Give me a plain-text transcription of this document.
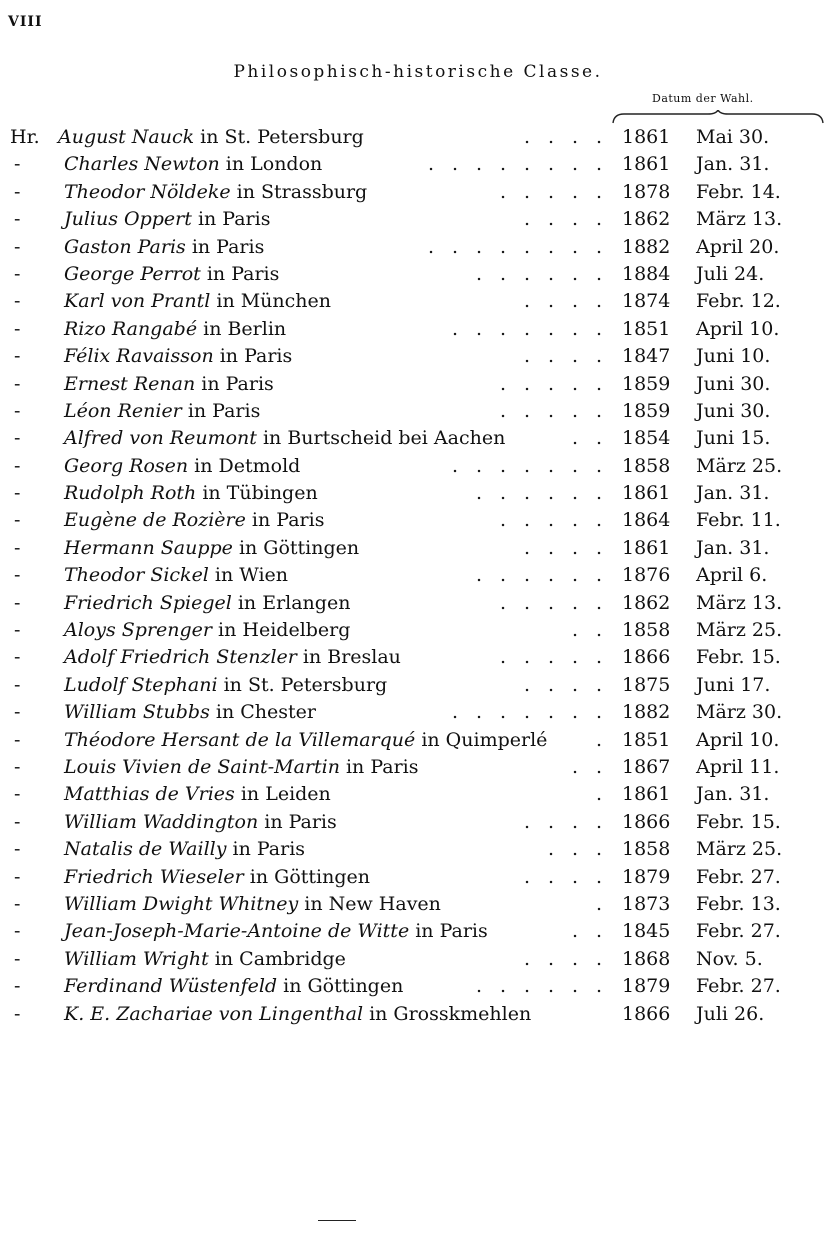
VIII
Philosophisch-historische Classe.
Datum der Wahl.
Hr. August Nauck in St. Petersburg	. . . . 1861 Mai 30.
- Charles Newton in London	. . . . . . . . 1861 Jan. 31.
- Theodor Nöldeke in Strassburg	. . . . . 1878 Febr. 14.
- Julius Oppert in Paris	. . . . 1862 März 13.
- Gaston Paris in Paris	. . . . . . . . 1882 April 20.
- George Perrot in Paris	. . . . . . 1884 Juli 24.
- Karl von Prantl in München	. . . . 1874 Febr. 12.
- Rizo Rangabé in Berlin	. . . . . . . 1851 April 10.
- Félix Ravaisson in Paris	. . . . 1847 Juni 10.
- Ernest Renan in Paris	. . . . . 1859 Juni 30.
- Léon Renier in Paris	. . . . . 1859 Juni 30.
- Alfred von Reumont in Burtscheid bei Aachen	. . 1854 Juni 15.
- Georg Rosen in Detmold	. . . . . . . 1858 März 25.
- Rudolph Roth in Tübingen	. . . . . . 1861 Jan. 31.
- Eugène de Rozière in Paris	. . . . . 1864 Febr. 11.
- Hermann Sauppe in Göttingen	. . . . 1861 Jan. 31.
- Theodor Sickel in Wien	. . . . . . 1876 April 6.
- Friedrich Spiegel in Erlangen	. . . . . 1862 März 13.
- Aloys Sprenger in Heidelberg	. . 1858 März 25.
- Adolf Friedrich Stenzler in Breslau	. . . . . 1866 Febr. 15.
- Ludolf Stephani in St. Petersburg	. . . . 1875 Juni 17.
- William Stubbs in Chester	. . . . . . . 1882 März 30.
- Théodore Hersant de la Villemarqué in Quimperlé	. 1851 April 10.
- Louis Vivien de Saint-Martin in Paris	. . 1867 April 11.
- Matthias de Vries in Leiden	. 1861 Jan. 31.
- William Waddington in Paris	. . . . 1866 Febr. 15.
- Natalis de Wailly in Paris	. . . 1858 März 25.
- Friedrich Wieseler in Göttingen	. . . . 1879 Febr. 27.
- William Dwight Whitney in New Haven	. 1873 Febr. 13.
- Jean-Joseph-Marie-Antoine de Witte in Paris	. . 1845 Febr. 27.
- William Wright in Cambridge	. . . . 1868 Nov. 5.
- Ferdinand Wüstenfeld in Göttingen	. . . . . . 1879 Febr. 27.
- K. E. Zachariae von Lingenthal in Grosskmehlen	1866 Juli 26.
